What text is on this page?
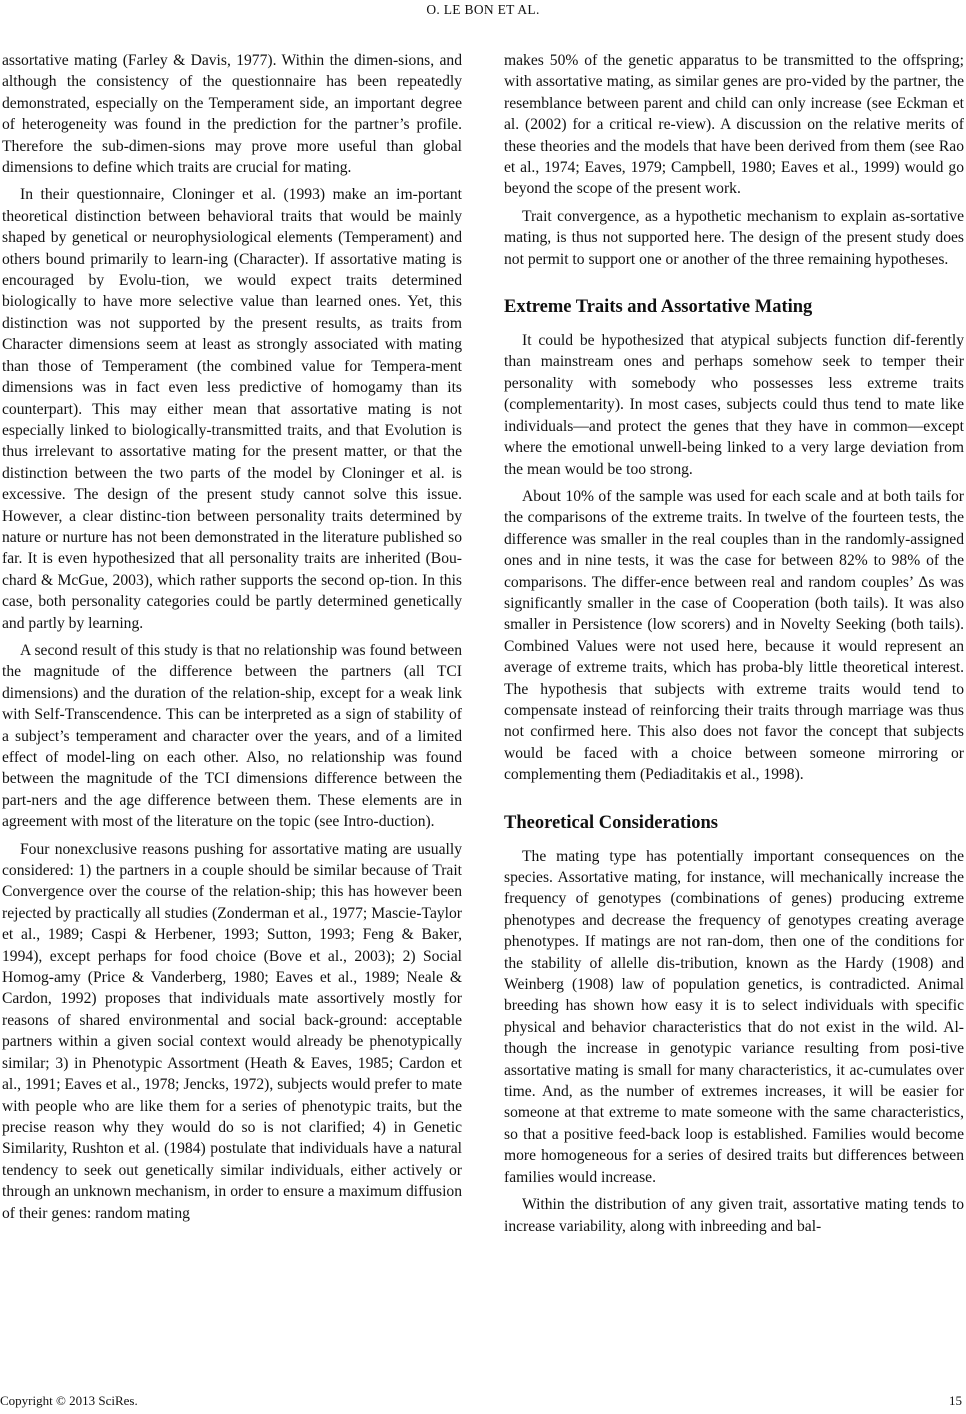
O. LE BON ET AL.

assortative mating (Farley & Davis, 1977). Within the dimen-sions, and although the consistency of the questionnaire has been repeatedly demonstrated, especially on the Temperament side, an important degree of heterogeneity was found in the prediction for the partner’s profile. Therefore the sub-dimen-sions may prove more useful than global dimensions to define which traits are crucial for mating.

In their questionnaire, Cloninger et al. (1993) make an im-portant theoretical distinction between behavioral traits that would be mainly shaped by genetical or neurophysiological elements (Temperament) and others bound primarily to learn-ing (Character). If assortative mating is encouraged by Evolu-tion, we would expect traits determined biologically to have more selective value than learned ones. Yet, this distinction was not supported by the present results, as traits from Character dimensions seem at least as strongly associated with mating than those of Temperament (the combined value for Tempera-ment dimensions was in fact even less predictive of homogamy than its counterpart). This may either mean that assortative mating is not especially linked to biologically-transmitted traits, and that Evolution is thus irrelevant to assortative mating for the present matter, or that the distinction between the two parts of the model by Cloninger et al. is excessive. The design of the present study cannot solve this issue. However, a clear distinc-tion between personality traits determined by nature or nurture has not been demonstrated in the literature published so far. It is even hypothesized that all personality traits are inherited (Bou-chard & McGue, 2003), which rather supports the second op-tion. In this case, both personality categories could be partly determined genetically and partly by learning.

A second result of this study is that no relationship was found between the magnitude of the difference between the partners (all TCI dimensions) and the duration of the relation-ship, except for a weak link with Self-Transcendence. This can be interpreted as a sign of stability of a subject’s temperament and character over the years, and of a limited effect of model-ling on each other. Also, no relationship was found between the magnitude of the TCI dimensions difference between the part-ners and the age difference between them. These elements are in agreement with most of the literature on the topic (see Intro-duction).

Four nonexclusive reasons pushing for assortative mating are usually considered: 1) the partners in a couple should be similar because of Trait Convergence over the course of the relation-ship; this has however been rejected by practically all studies (Zonderman et al., 1977; Mascie-Taylor et al., 1989; Caspi & Herbener, 1993; Sutton, 1993; Feng & Baker, 1994), except perhaps for food choice (Bove et al., 2003); 2) Social Homog-amy (Price & Vanderberg, 1980; Eaves et al., 1989; Neale & Cardon, 1992) proposes that individuals mate assortively mostly for reasons of shared environmental and social back-ground: acceptable partners within a given social context would already be phenotypically similar; 3) in Phenotypic Assortment (Heath & Eaves, 1985; Cardon et al., 1991; Eaves et al., 1978; Jencks, 1972), subjects would prefer to mate with people who are like them for a series of phenotypic traits, but the precise reason why they would do so is not clarified; 4) in Genetic Similarity, Rushton et al. (1984) postulate that individuals have a natural tendency to seek out genetically similar individuals, either actively or through an unknown mechanism, in order to ensure a maximum diffusion of their genes: random mating

makes 50% of the genetic apparatus to be transmitted to the offspring; with assortative mating, as similar genes are pro-vided by the partner, the resemblance between parent and child can only increase (see Eckman et al. (2002) for a critical re-view). A discussion on the relative merits of these theories and the models that have been derived from them (see Rao et al., 1974; Eaves, 1979; Campbell, 1980; Eaves et al., 1999) would go beyond the scope of the present work.

Trait convergence, as a hypothetic mechanism to explain as-sortative mating, is thus not supported here. The design of the present study does not permit to support one or another of the three remaining hypotheses.

Extreme Traits and Assortative Mating

It could be hypothesized that atypical subjects function dif-ferently than mainstream ones and perhaps somehow seek to temper their personality with somebody who possesses less extreme traits (complementarity). In most cases, subjects could thus tend to mate like individuals—and protect the genes that they have in common—except where the emotional unwell-being linked to a very large deviation from the mean would be too strong.

About 10% of the sample was used for each scale and at both tails for the comparisons of the extreme traits. In twelve of the fourteen tests, the difference was smaller in the real couples than in the randomly-assigned ones and in nine tests, it was the case for between 82% to 98% of the comparisons. The differ-ence between real and random couples’ Δs was significantly smaller in the case of Cooperation (both tails). It was also smaller in Persistence (low scorers) and in Novelty Seeking (both tails). Combined Values were not used here, because it would represent an average of extreme traits, which has proba-bly little theoretical interest. The hypothesis that subjects with extreme traits would tend to compensate instead of reinforcing their traits through marriage was thus not confirmed here. This also does not favor the concept that subjects would be faced with a choice between someone mirroring or complementing them (Pediaditakis et al., 1998).

Theoretical Considerations

The mating type has potentially important consequences on the species. Assortative mating, for instance, will mechanically increase the frequency of genotypes (combinations of genes) producing extreme phenotypes and decrease the frequency of genotypes creating average phenotypes. If matings are not ran-dom, then one of the conditions for the stability of allelle dis-tribution, known as the Hardy (1908) and Weinberg (1908) law of population genetics, is contradicted. Animal breeding has shown how easy it is to select individuals with specific physical and behavior characteristics that do not exist in the wild. Al-though the increase in genotypic variance resulting from posi-tive assortative mating is small for many characteristics, it ac-cumulates over time. And, as the number of extremes increases, it will be easier for someone at that extreme to mate someone with the same characteristics, so that a positive feed-back loop is established. Families would become more homogeneous for a series of desired traits but differences between families would increase.

Within the distribution of any given trait, assortative mating tends to increase variability, along with inbreeding and bal-

Copyright © 2013 SciRes.	15
